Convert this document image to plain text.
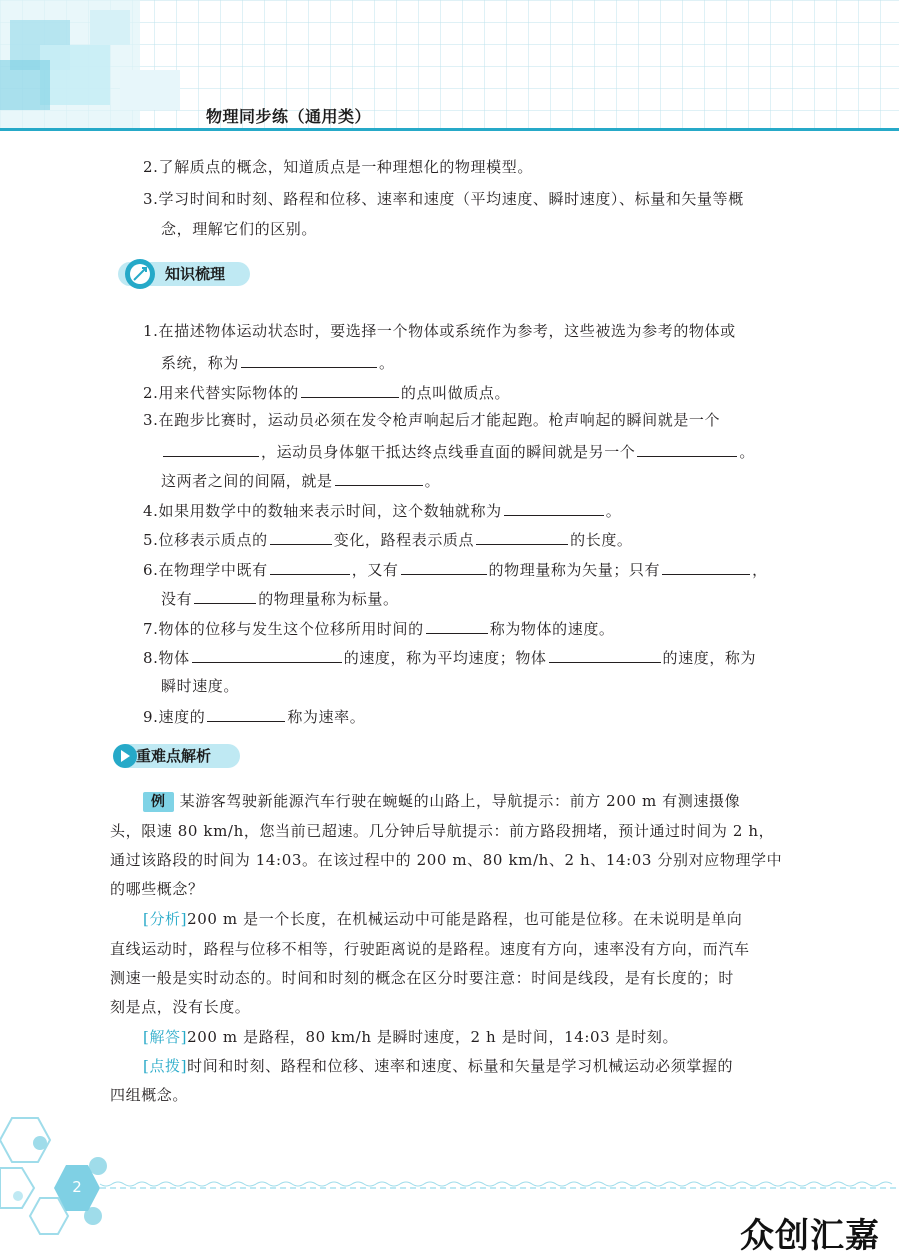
物理同步练（通用类）
2.了解质点的概念，知道质点是一种理想化的物理模型。
3.学习时间和时刻、路程和位移、速率和速度（平均速度、瞬时速度）、标量和矢量等概
念，理解它们的区别。
知识梳理
1.在描述物体运动状态时，要选择一个物体或系统作为参考，这些被选为参考的物体或
系统，称为	。
2.用来代替实际物体的	的点叫做质点。
3.在跑步比赛时，运动员必须在发令枪声响起后才能起跑。枪声响起的瞬间就是一个
，运动员身体躯干抵达终点线垂直面的瞬间就是另一个	。
这两者之间的间隔，就是	。
4.如果用数学中的数轴来表示时间，这个数轴就称为	。
5.位移表示质点的	变化，路程表示质点	的长度。
6.在物理学中既有	，又有	的物理量称为矢量；只有	，
没有	的物理量称为标量。
7.物体的位移与发生这个位移所用时间的	称为物体的速度。
8.物体	的速度，称为平均速度；物体	的速度，称为
瞬时速度。
9.速度的	称为速率。
重难点解析
例 某游客驾驶新能源汽车行驶在蜿蜒的山路上，导航提示：前方 200 m 有测速摄像
头，限速 80 km/h，您当前已超速。几分钟后导航提示：前方路段拥堵，预计通过时间为 2 h，
通过该路段的时间为 14:03。在该过程中的 200 m、80 km/h、2 h、14:03 分别对应物理学中
的哪些概念？
[分析]200 m 是一个长度，在机械运动中可能是路程，也可能是位移。在未说明是单向
直线运动时，路程与位移不相等，行驶距离说的是路程。速度有方向，速率没有方向，而汽车
测速一般是实时动态的。时间和时刻的概念在区分时要注意：时间是线段，是有长度的；时
刻是点，没有长度。
[解答]200 m 是路程，80 km/h 是瞬时速度，2 h 是时间，14:03 是时刻。
[点拨]时间和时刻、路程和位移、速率和速度、标量和矢量是学习机械运动必须掌握的
四组概念。
2
众创汇嘉
